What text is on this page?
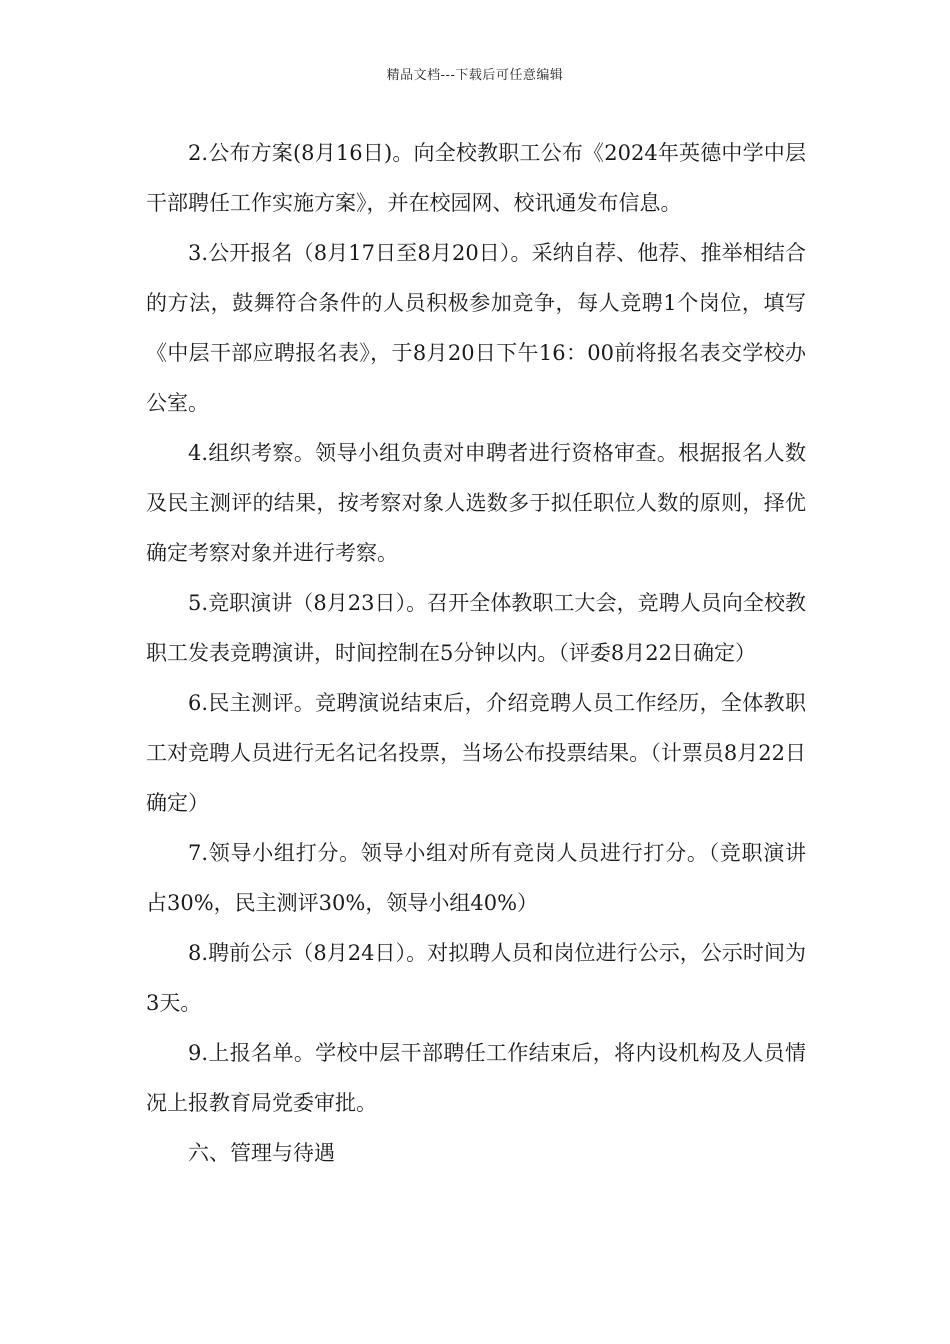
精品文档---下载后可任意编辑

2.公布方案(8月16日)。向全校教职工公布《2024年英德中学中层干部聘任工作实施方案》，并在校园网、校讯通发布信息。

3.公开报名（8月17日至8月20日）。采纳自荐、他荐、推举相结合的方法，鼓舞符合条件的人员积极参加竞争，每人竞聘1个岗位，填写《中层干部应聘报名表》，于8月20日下午16：00前将报名表交学校办公室。

4.组织考察。领导小组负责对申聘者进行资格审查。根据报名人数及民主测评的结果，按考察对象人选数多于拟任职位人数的原则，择优确定考察对象并进行考察。

5.竞职演讲（8月23日）。召开全体教职工大会，竞聘人员向全校教职工发表竞聘演讲，时间控制在5分钟以内。（评委8月22日确定）

6.民主测评。竞聘演说结束后，介绍竞聘人员工作经历，全体教职工对竞聘人员进行无名记名投票，当场公布投票结果。（计票员8月22日确定）

7.领导小组打分。领导小组对所有竞岗人员进行打分。（竞职演讲占30%，民主测评30%，领导小组40%）

8.聘前公示（8月24日）。对拟聘人员和岗位进行公示，公示时间为3天。

9.上报名单。学校中层干部聘任工作结束后，将内设机构及人员情况上报教育局党委审批。

六、管理与待遇
